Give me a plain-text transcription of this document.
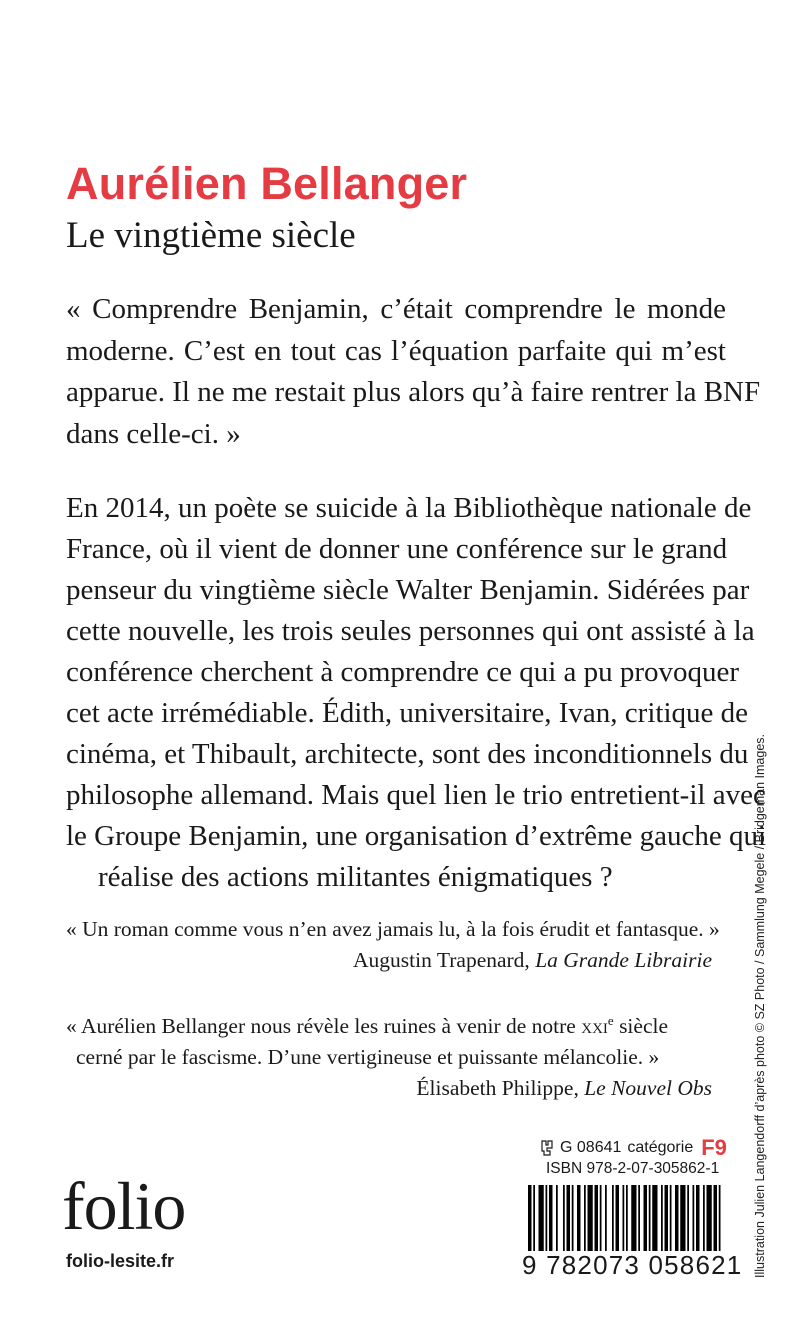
Aurélien Bellanger
Le vingtième siècle
« Comprendre Benjamin, c’était comprendre le monde
moderne. C’est en tout cas l’équation parfaite qui m’est
apparue. Il ne me restait plus alors qu’à faire rentrer la BNF
dans celle-ci. »
En 2014, un poète se suicide à la Bibliothèque nationale de
France, où il vient de donner une conférence sur le grand
penseur du vingtième siècle Walter Benjamin. Sidérées par
cette nouvelle, les trois seules personnes qui ont assisté à la
conférence cherchent à comprendre ce qui a pu provoquer
cet acte irrémédiable. Édith, universitaire, Ivan, critique de
cinéma, et Thibault, architecte, sont des inconditionnels du
philosophe allemand. Mais quel lien le trio entretient-il avec
le Groupe Benjamin, une organisation d’extrême gauche qui
réalise des actions militantes énigmatiques ?
« Un roman comme vous n’en avez jamais lu, à la fois érudit et fantasque. »
Augustin Trapenard, La Grande Librairie
« Aurélien Bellanger nous révèle les ruines à venir de notre xxi$^e$ siècle
cerné par le fascisme. D’une vertigineuse et puissante mélancolie. »
Élisabeth Philippe, Le Nouvel Obs	Illustration Julien Langendorff d’après photo © SZ Photo / Sammlung Megele / Bridgeman Images.
folio
folio-lesite.fr
G 08641 catégorie F9
ISBN 978-2-07-305862-1
9 782073 058621
